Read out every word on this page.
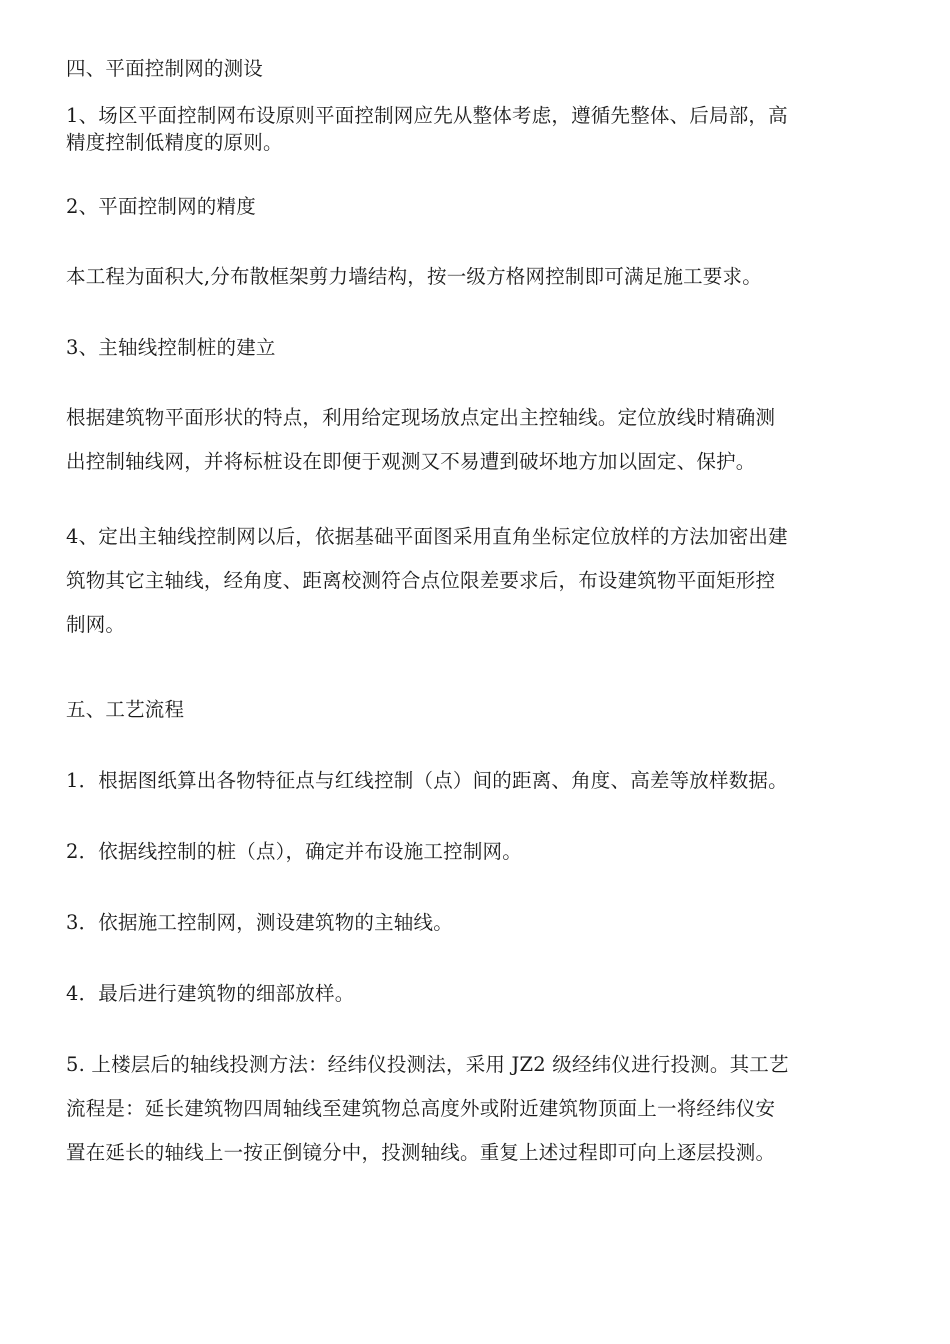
四、平面控制网的测设

1、场区平面控制网布设原则平面控制网应先从整体考虑，遵循先整体、后局部，高
精度控制低精度的原则。

2、平面控制网的精度

本工程为面积大,分布散框架剪力墙结构，按一级方格网控制即可满足施工要求。

3、主轴线控制桩的建立

根据建筑物平面形状的特点，利用给定现场放点定出主控轴线。定位放线时精确测
出控制轴线网，并将标桩设在即便于观测又不易遭到破坏地方加以固定、保护。

4、定出主轴线控制网以后，依据基础平面图采用直角坐标定位放样的方法加密出建
筑物其它主轴线，经角度、距离校测符合点位限差要求后，布设建筑物平面矩形控
制网。

五、工艺流程

1．根据图纸算出各物特征点与红线控制（点）间的距离、角度、高差等放样数据。

2．依据线控制的桩（点），确定并布设施工控制网。

3．依据施工控制网，测设建筑物的主轴线。

4．最后进行建筑物的细部放样。

5. 上楼层后的轴线投测方法：经纬仪投测法，采用 JZ2 级经纬仪进行投测。其工艺
流程是：延长建筑物四周轴线至建筑物总高度外或附近建筑物顶面上一将经纬仪安
置在延长的轴线上一按正倒镜分中，投测轴线。重复上述过程即可向上逐层投测。
